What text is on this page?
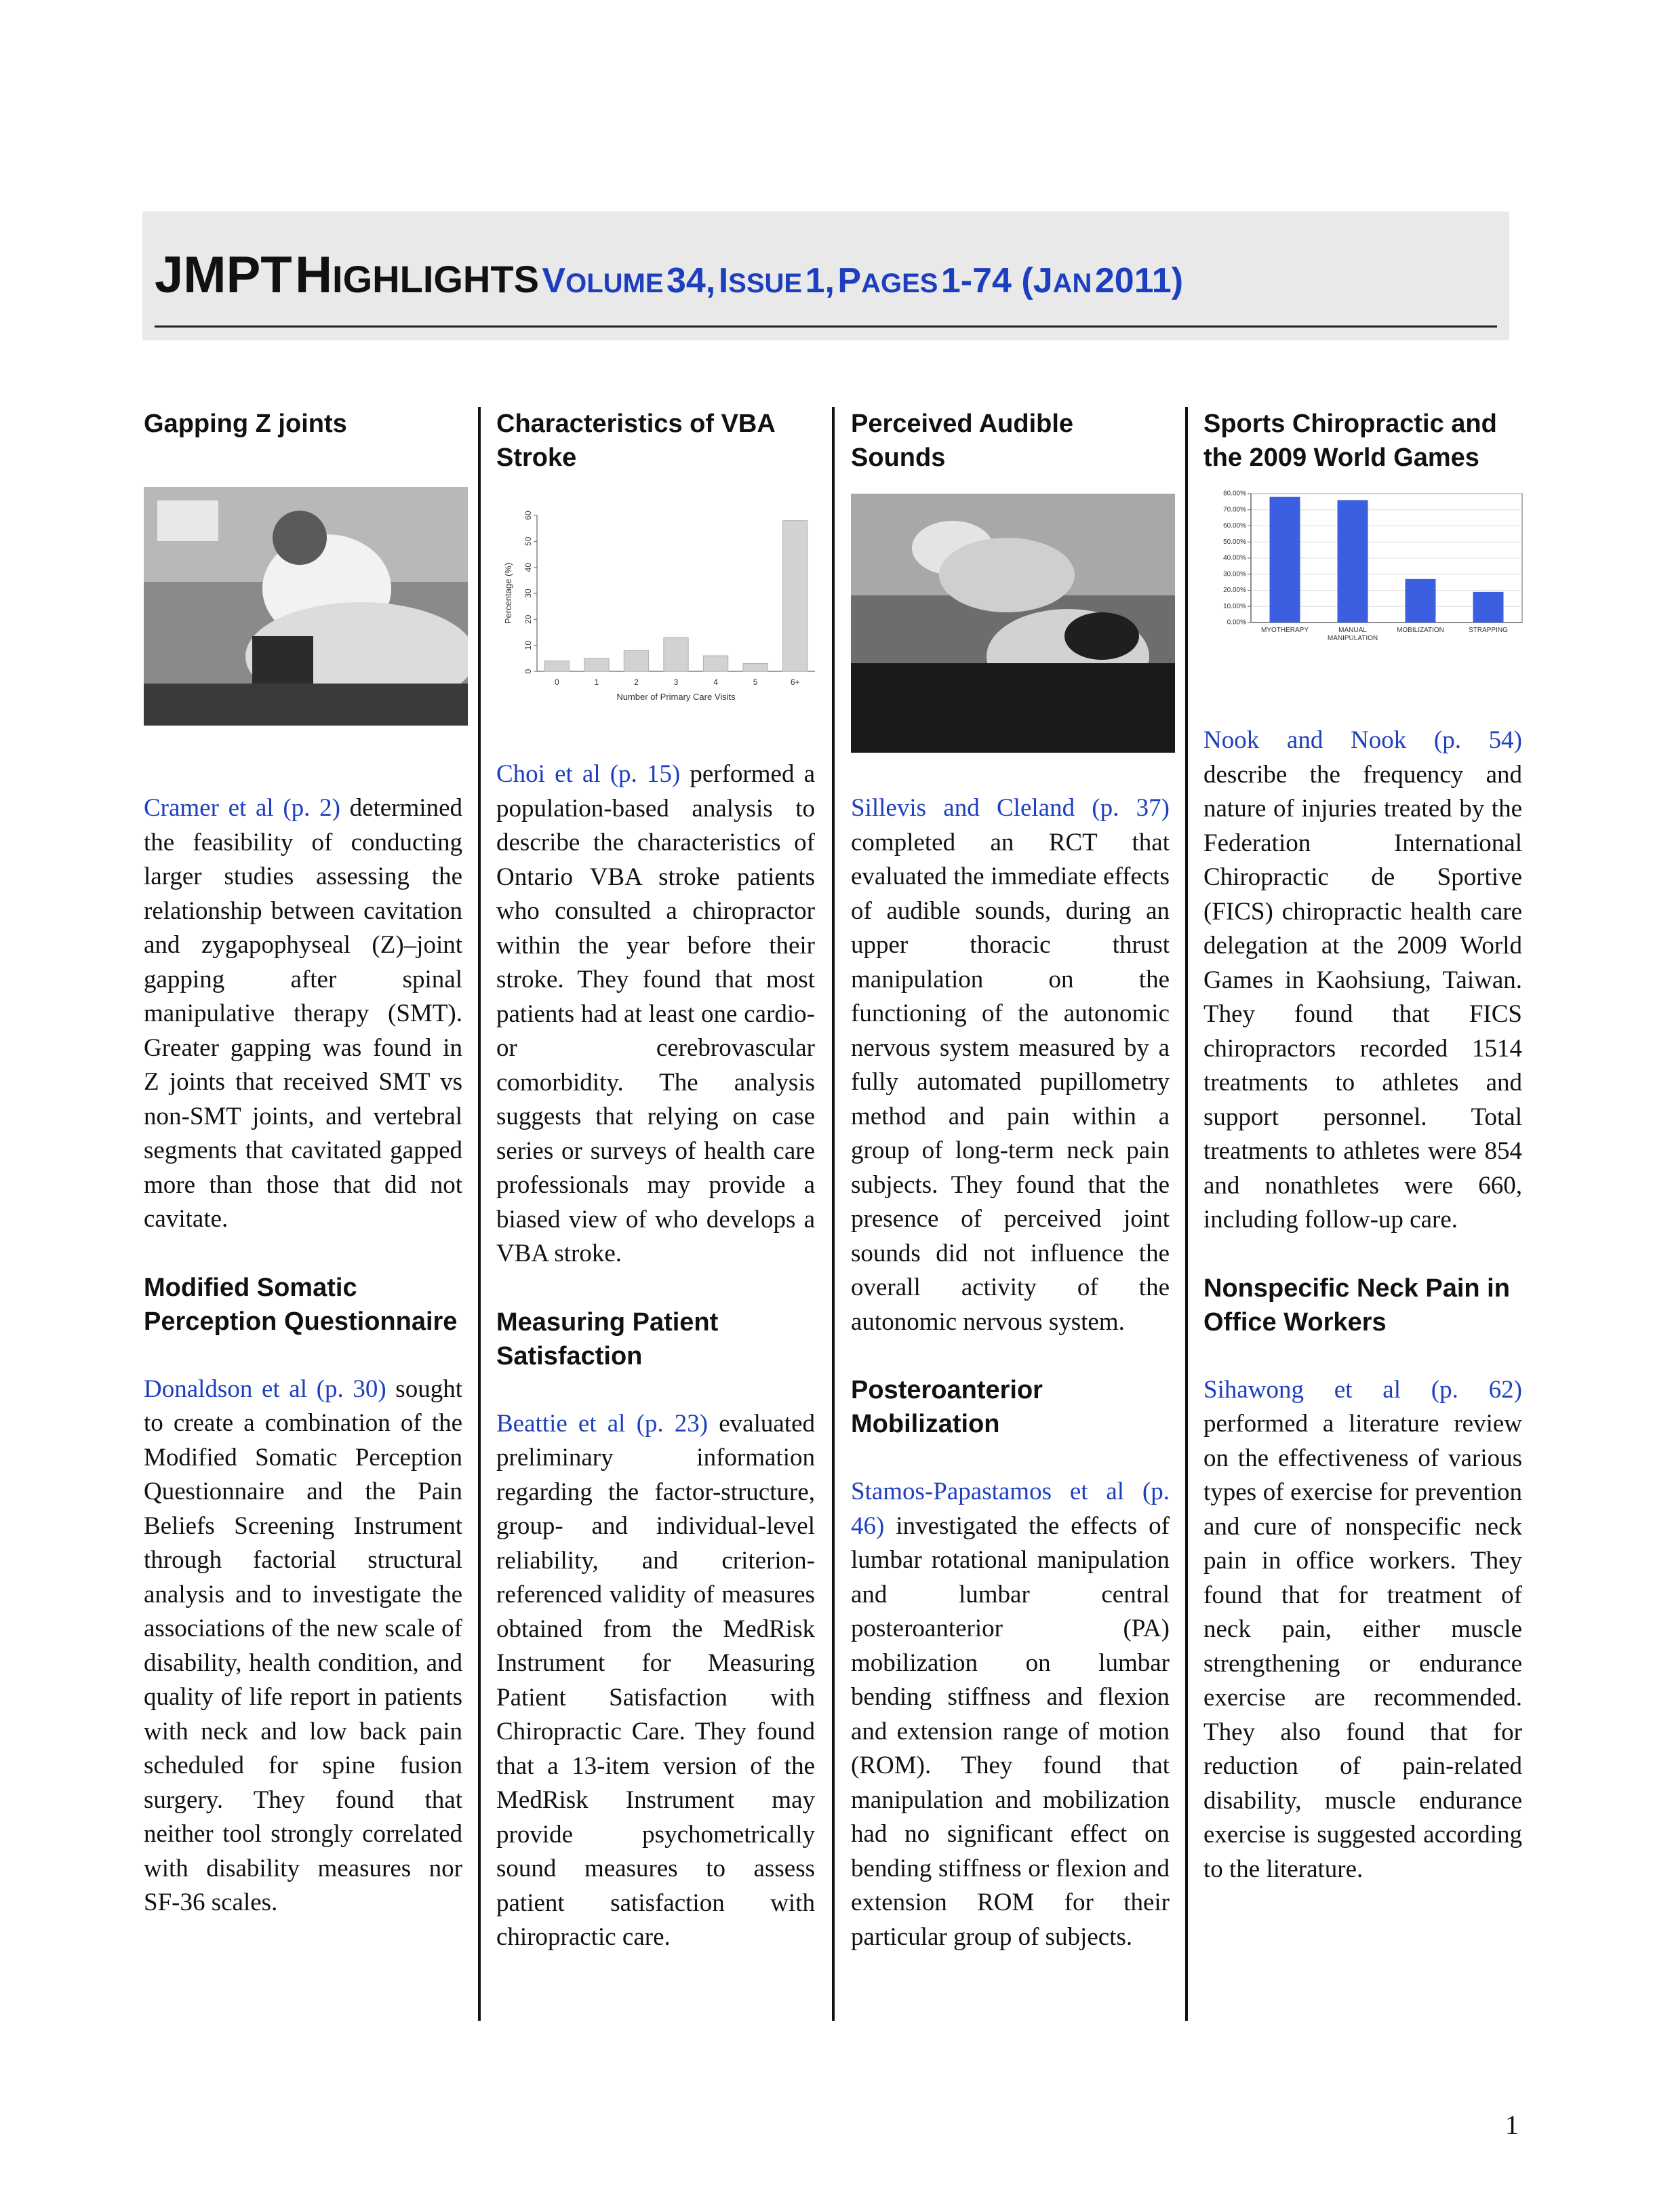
JMPT HIGHLIGHTS VOLUME 34, ISSUE 1, PAGES 1-74 (JAN 2011)
Gapping Z joints

Cramer et al (p. 2) determined the feasibility of conducting larger studies assessing the relationship between cavitation and zygapophyseal (Z)–joint gapping after spinal manipulative therapy (SMT). Greater gapping was found in Z joints that received SMT vs non-SMT joints, and vertebral segments that cavitated gapped more than those that did not cavitate.

Modified Somatic Perception Questionnaire

Donaldson et al (p. 30) sought to create a combination of the Modified Somatic Perception Questionnaire and the Pain Beliefs Screening Instrument through factorial structural analysis and to investigate the associations of the new scale of disability, health condition, and quality of life report in patients with neck and low back pain scheduled for spine fusion surgery. They found that neither tool strongly correlated with disability measures nor SF-36 scales.

Characteristics of VBA Stroke
0
10
20
30
40
50
60
0	1	2	3	4	5	6+
Number of Primary Care Visits
Percentage (%)

Choi et al (p. 15) performed a population-based analysis to describe the characteristics of Ontario VBA stroke patients who consulted a chiropractor within the year before their stroke. They found that most patients had at least one cardio- or cerebrovascular comorbidity. The analysis suggests that relying on case series or surveys of health care professionals may provide a biased view of who develops a VBA stroke.

Measuring Patient Satisfaction

Beattie et al (p. 23) evaluated preliminary information regarding the factor-structure, group- and individual-level reliability, and criterion-referenced validity of measures obtained from the MedRisk Instrument for Measuring Patient Satisfaction with Chiropractic Care. They found that a 13-item version of the MedRisk Instrument may provide psychometrically sound measures to assess patient satisfaction with chiropractic care.

Perceived Audible Sounds

Sillevis and Cleland (p. 37) completed an RCT that evaluated the immediate effects of audible sounds, during an upper thoracic thrust manipulation on the functioning of the autonomic nervous system measured by a fully automated pupillometry method and pain within a group of long-term neck pain subjects. They found that the presence of perceived joint sounds did not influence the overall activity of the autonomic nervous system.

Posteroanterior Mobilization

Stamos-Papastamos et al (p. 46) investigated the effects of lumbar rotational manipulation and lumbar central posteroanterior (PA) mobilization on lumbar bending stiffness and flexion and extension range of motion (ROM). They found that manipulation and mobilization had no significant effect on bending stiffness or flexion and extension ROM for their particular group of subjects.

Sports Chiropractic and the 2009 World Games
0.00%
10.00%
20.00%
30.00%
40.00%
50.00%
60.00%
70.00%
80.00%
MYOTHERAPY	MANUAL MANIPULATION
MOBILIZATION	STRAPPING

Nook and Nook (p. 54) describe the frequency and nature of injuries treated by the Federation International Chiropractic de Sportive (FICS) chiropractic health care delegation at the 2009 World Games in Kaohsiung, Taiwan. They found that FICS chiropractors recorded 1514 treatments to athletes and support personnel. Total treatments to athletes were 854 and nonathletes were 660, including follow-up care.

Nonspecific Neck Pain in Office Workers

Sihawong et al (p. 62) performed a literature review on the effectiveness of various types of exercise for prevention and cure of nonspecific neck pain in office workers. They found that for treatment of neck pain, either muscle strengthening or endurance exercise are recommended. They also found that for reduction of pain-related disability, muscle endurance exercise is suggested according to the literature.

1
